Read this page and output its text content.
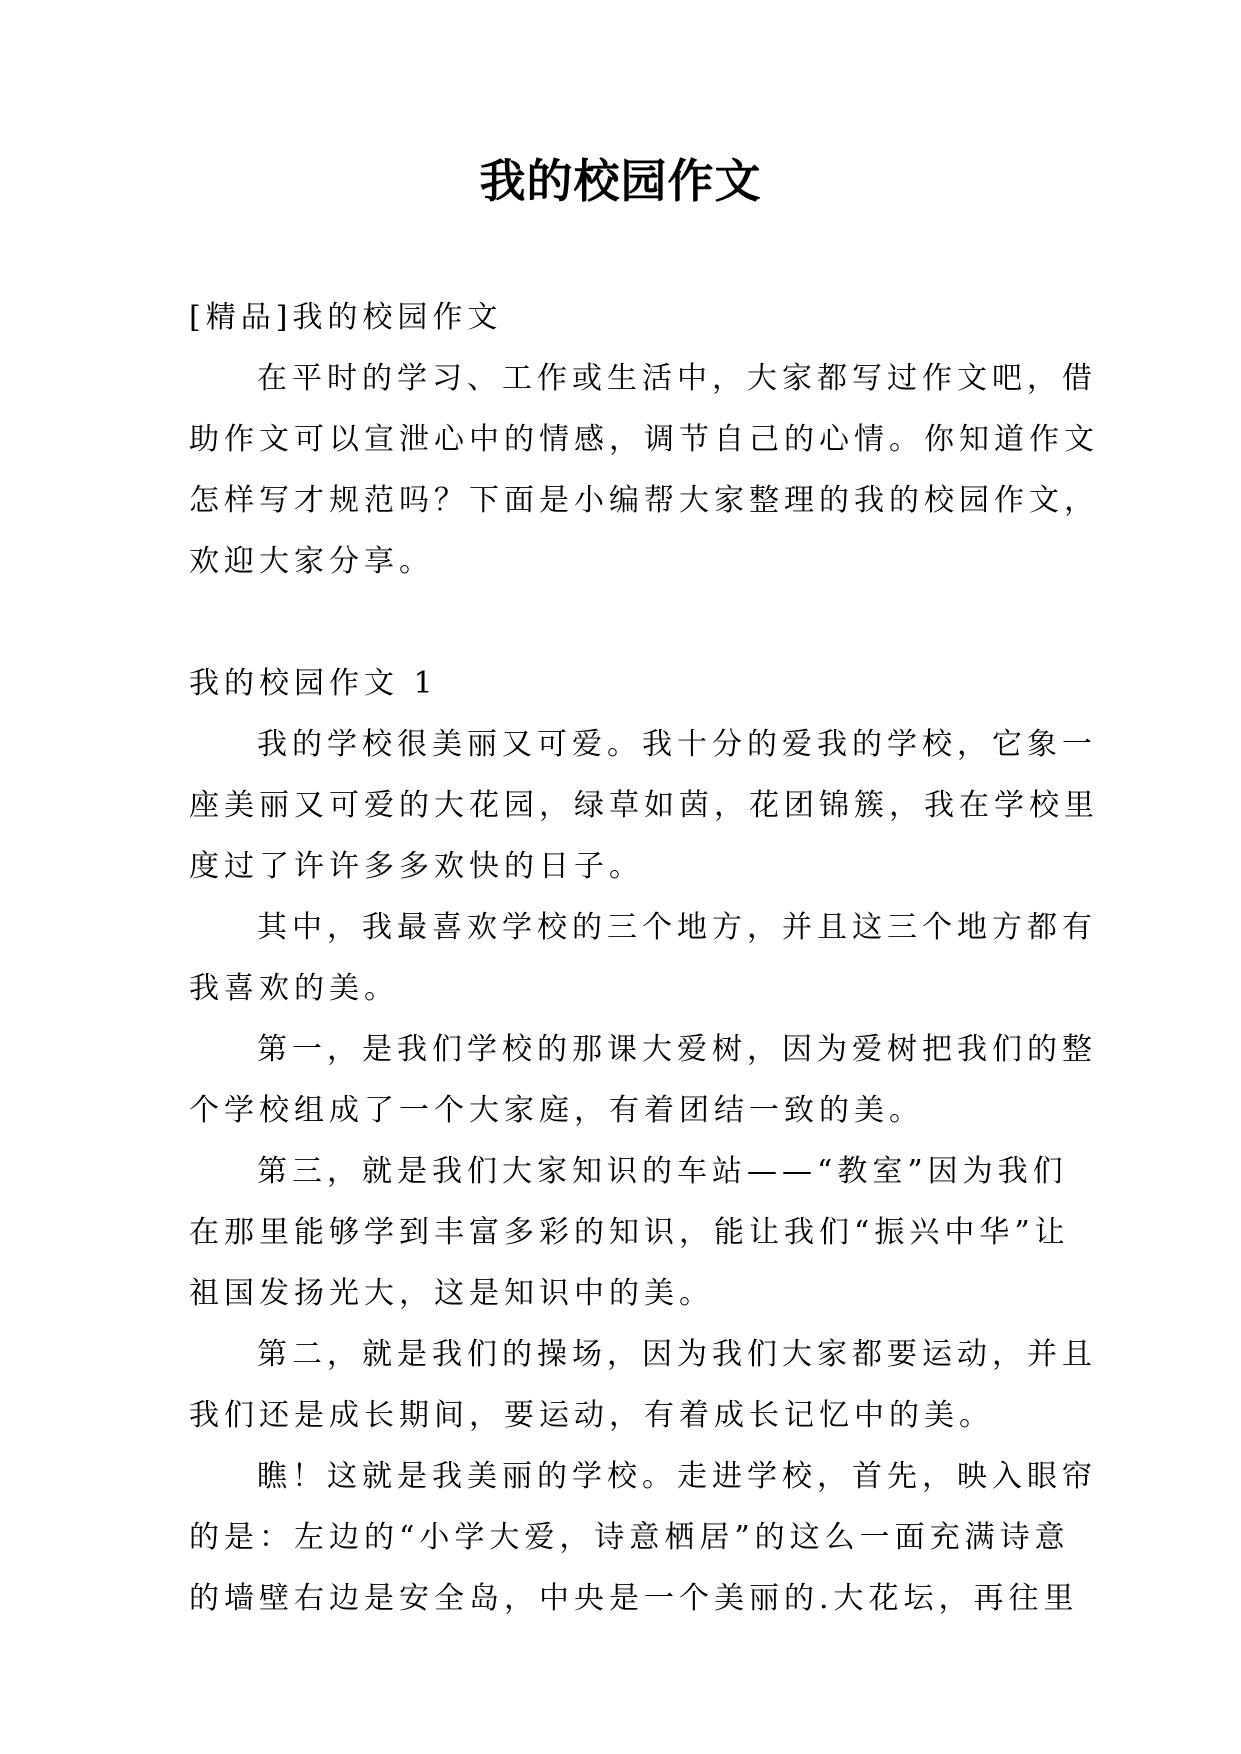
我的校园作文
[精品]我的校园作文
在平时的学习、工作或生活中，大家都写过作文吧，借
助作文可以宣泄心中的情感，调节自己的心情。你知道作文
怎样写才规范吗？下面是小编帮大家整理的我的校园作文，
欢迎大家分享。
我的校园作文 1
我的学校很美丽又可爱。我十分的爱我的学校，它象一
座美丽又可爱的大花园，绿草如茵，花团锦簇，我在学校里
度过了许许多多欢快的日子。
其中，我最喜欢学校的三个地方，并且这三个地方都有
我喜欢的美。
第一，是我们学校的那课大爱树，因为爱树把我们的整
个学校组成了一个大家庭，有着团结一致的美。
第三，就是我们大家知识的车站——“教室”因为我们
在那里能够学到丰富多彩的知识，能让我们“振兴中华”让
祖国发扬光大，这是知识中的美。
第二，就是我们的操场，因为我们大家都要运动，并且
我们还是成长期间，要运动，有着成长记忆中的美。
瞧！这就是我美丽的学校。走进学校，首先，映入眼帘
的是：左边的“小学大爱，诗意栖居”的这么一面充满诗意
的墙壁右边是安全岛，中央是一个美丽的.大花坛，再往里
